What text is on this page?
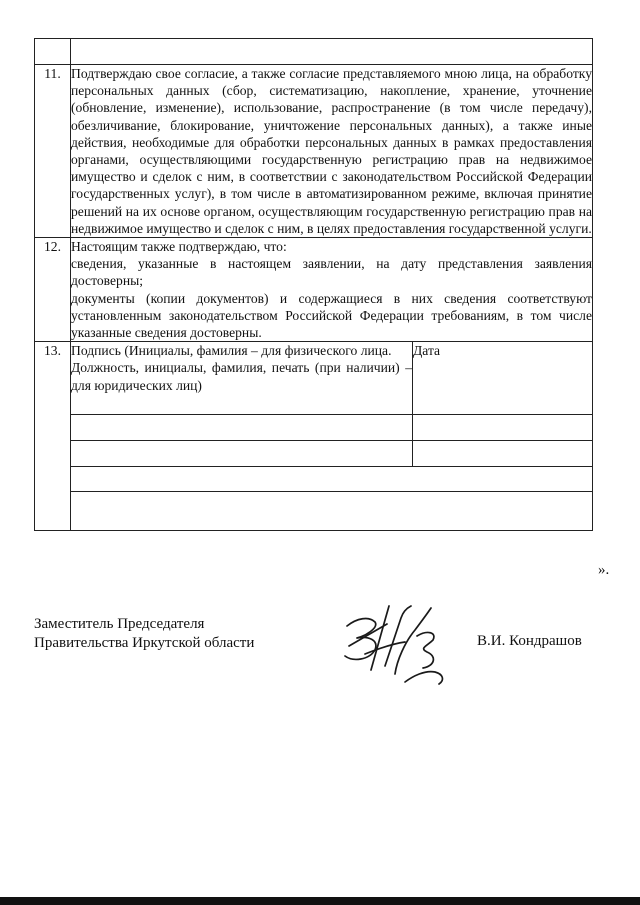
11.	Подтверждаю свое согласие, а также согласие представляемого мною лица, на обработку персональных данных (сбор, систематизацию, накопление, хранение, уточнение (обновление, изменение), использование, распространение (в том числе передачу), обезличивание, блокирование, уничтожение персональных данных), а также иные действия, необходимые для обработки персональных данных в рамках предоставления органами, осуществляющими государственную регистрацию прав на недвижимое имущество и сделок с ним, в соответствии с законодательством Российской Федерации государственных услуг), в том числе в автоматизированном режиме, включая принятие решений на их основе органом, осуществляющим государственную регистрацию прав на недвижимое имущество и сделок с ним, в целях предоставления государственной услуги.	

12.	Настоящим также подтверждаю, что:

сведения, указанные в настоящем заявлении, на дату представления заявления достоверны;

документы (копии документов) и содержащиеся в них сведения соответствуют установленным законодательством Российской Федерации требованиям, в том числе указанные сведения достоверны.	

13.	Подпись (Инициалы, фамилия – для физического лица.

Должность, инициалы, фамилия, печать (при наличии) – для юридических лиц)	Дата

».
Заместитель Председателя
Правительства Иркутской области	В.И. Кондрашов
